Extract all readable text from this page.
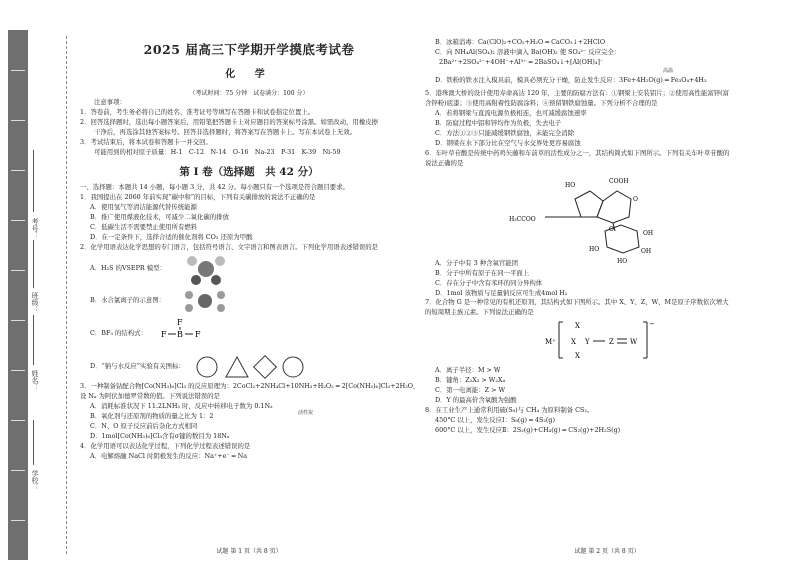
学校：
姓名：
班级：
考号：
2025 届高三下学期开学摸底考试卷
化 学
（考试时间：75 分钟　试卷满分：100 分）
注意事项：
1．答卷前，考生务必将自己的姓名、准考证号等填写在答题卡和试卷指定位置上。
2．回答选择题时，选出每小题答案后，用铅笔把答题卡上对应题目的答案标号涂黑。如需改动，用橡皮擦
干净后，再选涂其他答案标号。回答非选择题时，将答案写在答题卡上。写在本试卷上无效。
3．考试结束后，将本试卷和答题卡一并交回。
可能用到的相对原子质量：H-1　C-12　N-14　O-16　Na-23　P-31　K-39　Ni-59
第 I 卷（选择题　共 42 分）
一、选择题：本题共 14 小题，每小题 3 分，共 42 分。每小题只有一个选项是符合题目要求。
1．我国提出在 2060 年前实现“碳中和”的目标，下列有关碳排放的说法不正确的是
A．使用氢气等清洁能源代替传统能源
B．推广使用煤液化技术，可减少二氧化碳的排放
C．低碳生活不需要禁止使用所有燃料
D．在一定条件下，选择合适的催化剂将 CO₂ 还原为甲酸
2．化学用语表达化学思想的专门语言，包括符号语言、文字语言和图表语言。下列化学用语表述错误的是
A．H₂S 的VSEPR 模型：
B．水合氯离子的示意图：
C．BF₃ 的结构式：	B
F	F
F
D．“钠与水反应”实验有关图标：
3．一种制备钴配合物[Co(NH₃)₆]Cl₃ 的反应原理为：2CoCl₂+2NH₄Cl+10NH₃+H₂O₂ ═ 2[Co(NH₃)₆]Cl₃+2H₂O，
设 Nₐ 为阿伏加德罗常数的值。下列说法错误的是
A．消耗标准状况下 11.2LNH₃ 时，反应中转移电子数为 0.1Nₐ
B．氧化剂与还原剂的物质的量之比为 1：2
C．N、O 原子反应前后杂化方式相同
D．1mol[Co(NH₃)₆]Cl₃含有σ键的数目为 18Nₐ
4．化学用语可以表达化学过程，下列化学过程表述错误的是
A．电解熔融 NaCl 时阴极发生的反应：Na⁺+e⁻ ═ Na
试题 第 1 页（共 8 页）
活性炭
B．冰箱消毒：Ca(ClO)₂+CO₂+H₂O ═ CaCO₃↓+2HClO
C．向 NH₄Al(SO₄)₂ 溶液中滴入 Ba(OH)₂ 使 SO₄²⁻ 反应完全：
2Ba²⁺+2SO₄²⁻+4OH⁻+Al³⁺ ═ 2BaSO₄↓+[Al(OH)₄]⁻
高温
D．铁粉的铁水注入模具前，模具必须充分干燥，防止发生反应：3Fe+4H₂O(g) ═ Fe₃O₄+4H₂
5．港珠澳大桥的设计使用寿命高达 120 年，主要的防腐方法有：①钢梁上安装铝片；②使用高性能富锌(富
含锌粉)底漆；③使用高附着性防腐涂料；④预留钢铁腐蚀量。下列分析不合理的是
A．若将钢梁与直流电源负极相连，也可减缓腐蚀速率
B．防腐过程中铝和锌均作为负极，失去电子
C．方法①②③只能减缓钢铁腐蚀，未能完全消除
D．钢梁在水下部分比在空气与水交界处更容易腐蚀
6．车叶草苷酸是传统中药鸡矢藤和车前草的活性成分之一，其结构简式如下图所示。下列有关车叶草苷酸的
说法正确的是
HO
COOH
H₃CCOO
O
O
OH
OH
HO
HO
A．分子中有 3 种含氧官能团
B．分子中所有原子在同一平面上
C．存在分子中含有苯环的同分异构体
D．1mol 该物质与足量钠反应可生成4mol H₂
7．化合物 G 是一种常见的有机还原剂，其结构式如下图所示。其中 X、Y、Z、W、M是原子序数依次增大
的短周期主族元素。下列说法正确的是
M⁺
X
X
X
Y	Z W
−
A．离子半径：M > W
B．键角：Z₂X₂ > W₂X₄
C．第一电离能：Z > W
D．Y 的最高价含氧酸为强酸
8．在工业生产上通常利用硫(S₈)与 CH₄ 为原料制备 CS₂。
450°C 以上，发生反应Ⅰ：S₈(g) ═ 4S₂(g)
600°C 以上，发生反应Ⅱ：2S₂(g)+CH₄(g) ═ CS₂(g)+2H₂S(g)
试题 第 2 页（共 8 页）
